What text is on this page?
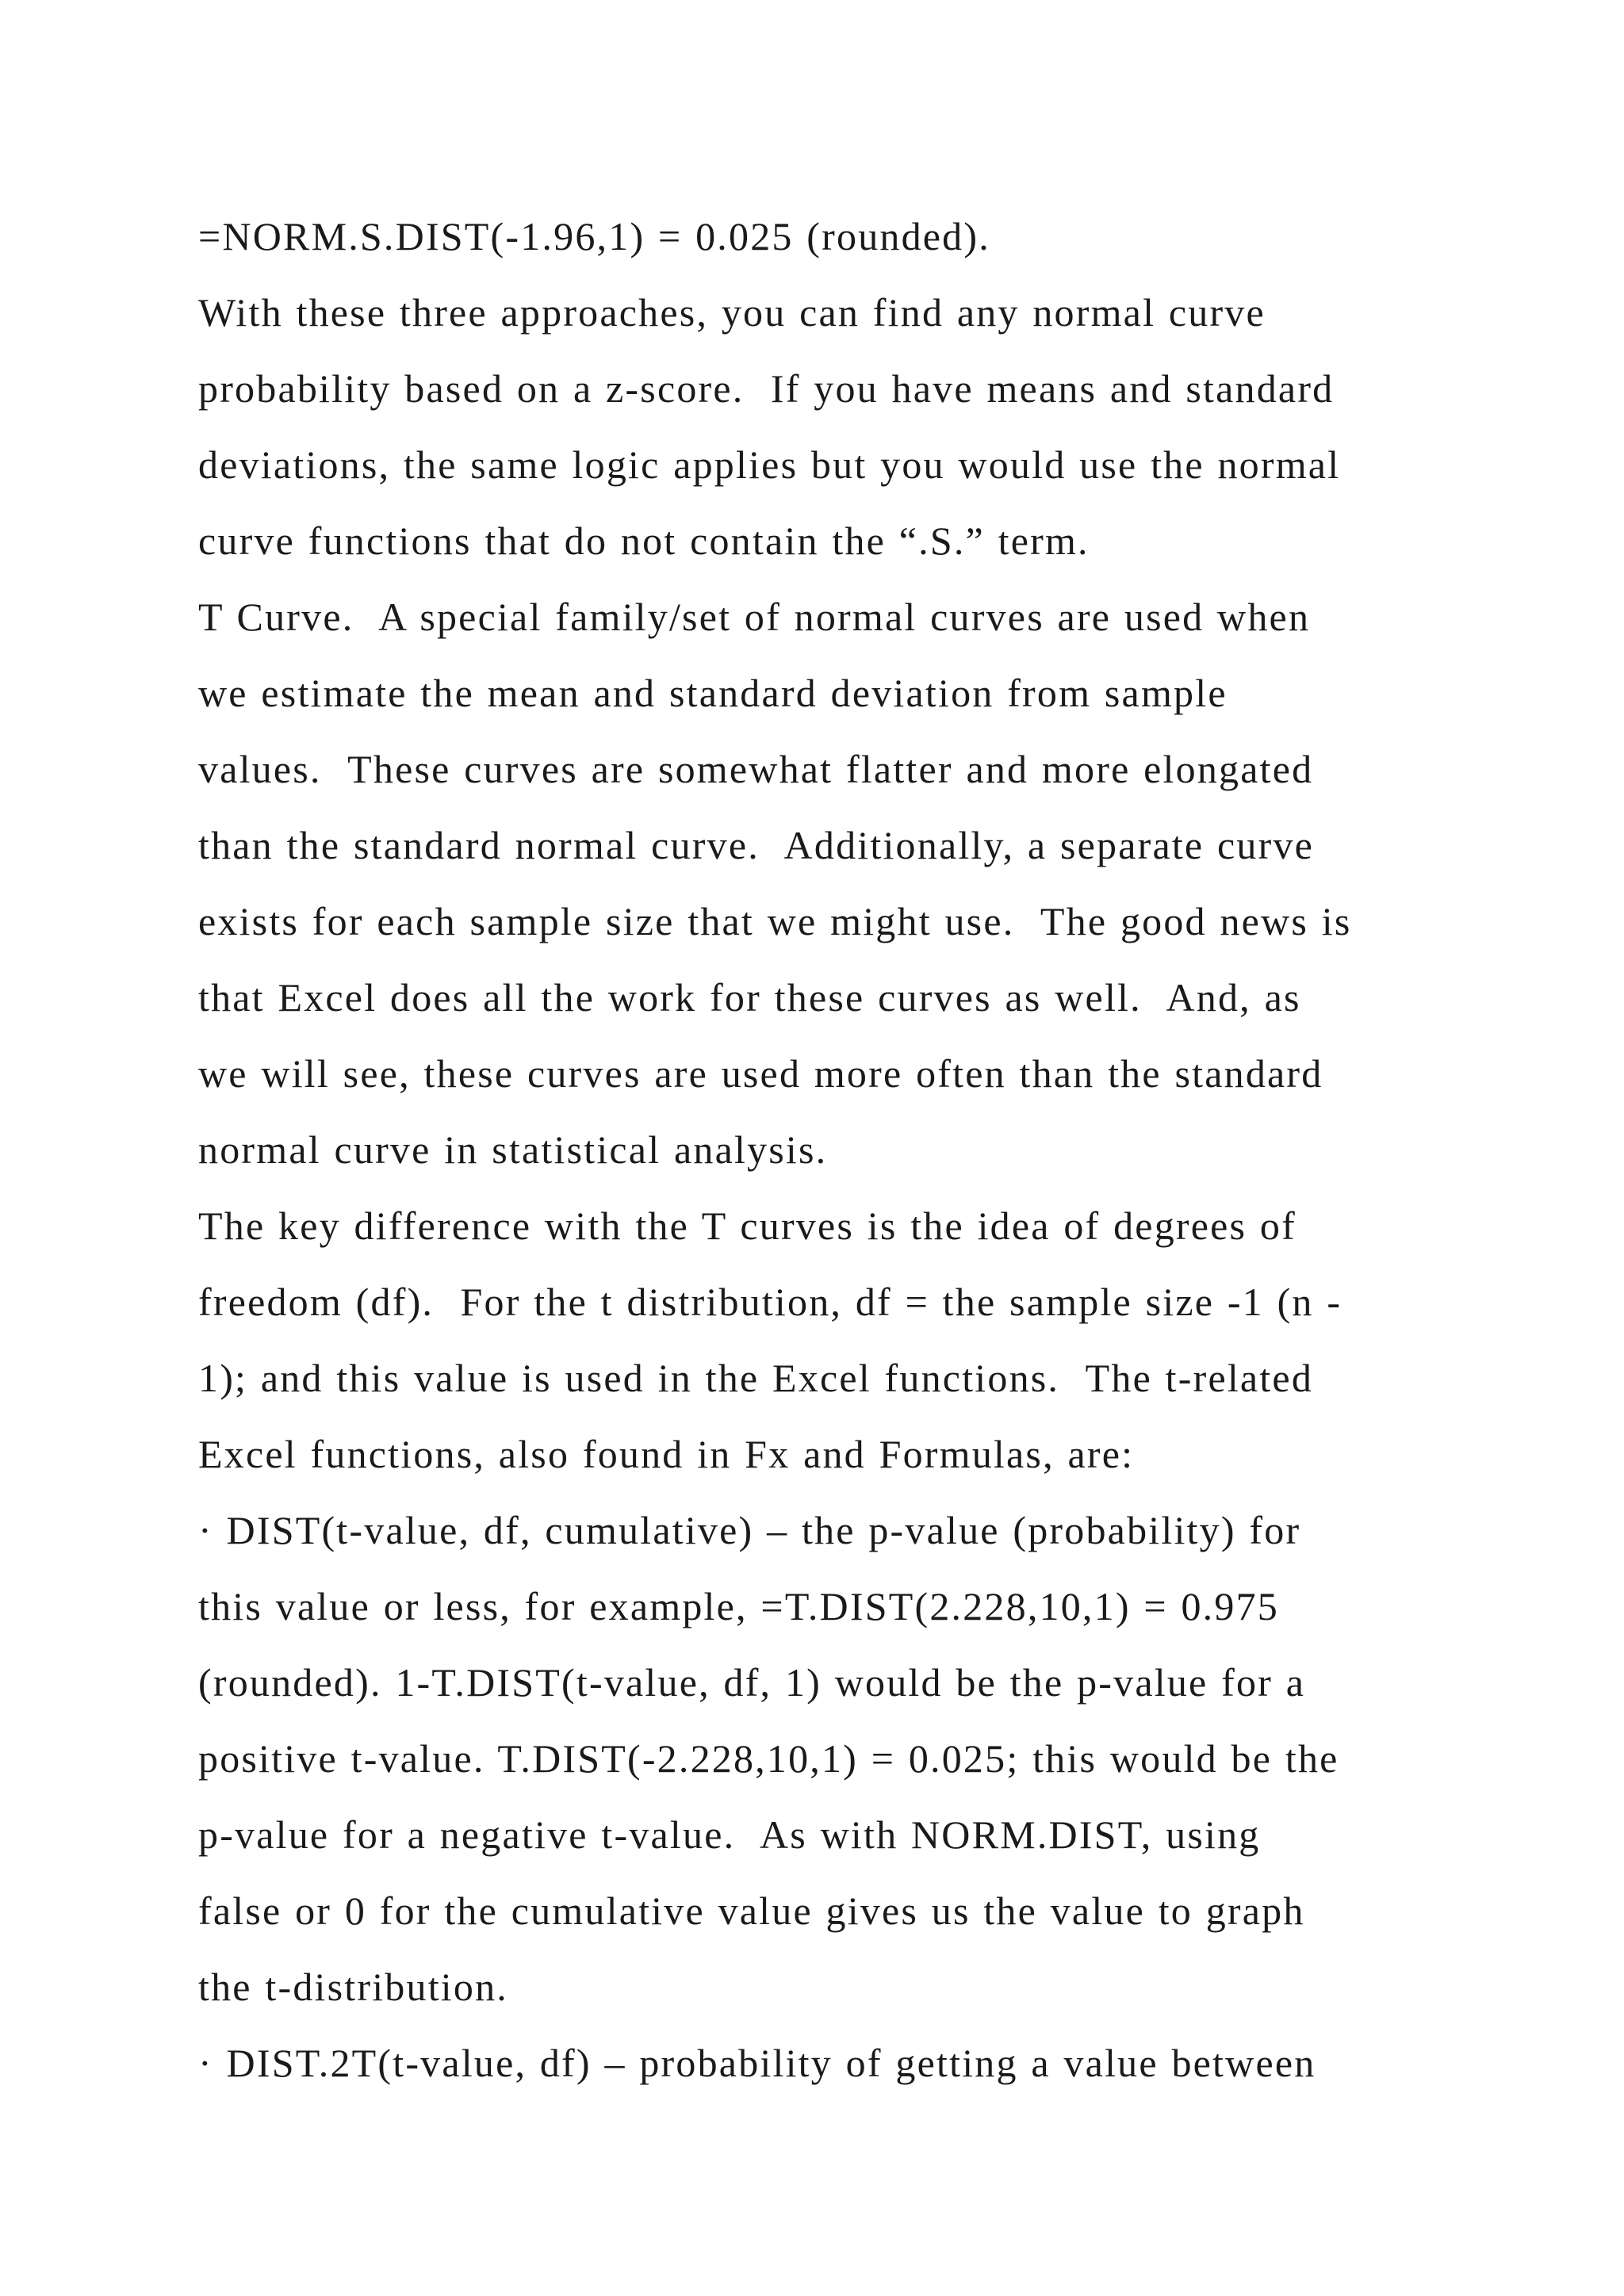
=NORM.S.DIST(-1.96,1) = 0.025 (rounded).
With these three approaches, you can find any normal curve
probability based on a z-score.  If you have means and standard
deviations, the same logic applies but you would use the normal
curve functions that do not contain the “.S.” term.
T Curve.  A special family/set of normal curves are used when
we estimate the mean and standard deviation from sample
values.  These curves are somewhat flatter and more elongated
than the standard normal curve.  Additionally, a separate curve
exists for each sample size that we might use.  The good news is
that Excel does all the work for these curves as well.  And, as
we will see, these curves are used more often than the standard
normal curve in statistical analysis.
The key difference with the T curves is the idea of degrees of
freedom (df).  For the t distribution, df = the sample size -1 (n -
1); and this value is used in the Excel functions.  The t-related
Excel functions, also found in Fx and Formulas, are:
· DIST(t-value, df, cumulative) – the p-value (probability) for
this value or less, for example, =T.DIST(2.228,10,1) = 0.975
(rounded). 1-T.DIST(t-value, df, 1) would be the p-value for a
positive t-value. T.DIST(-2.228,10,1) = 0.025; this would be the
p-value for a negative t-value.  As with NORM.DIST, using
false or 0 for the cumulative value gives us the value to graph
the t-distribution.
· DIST.2T(t-value, df) – probability of getting a value between
